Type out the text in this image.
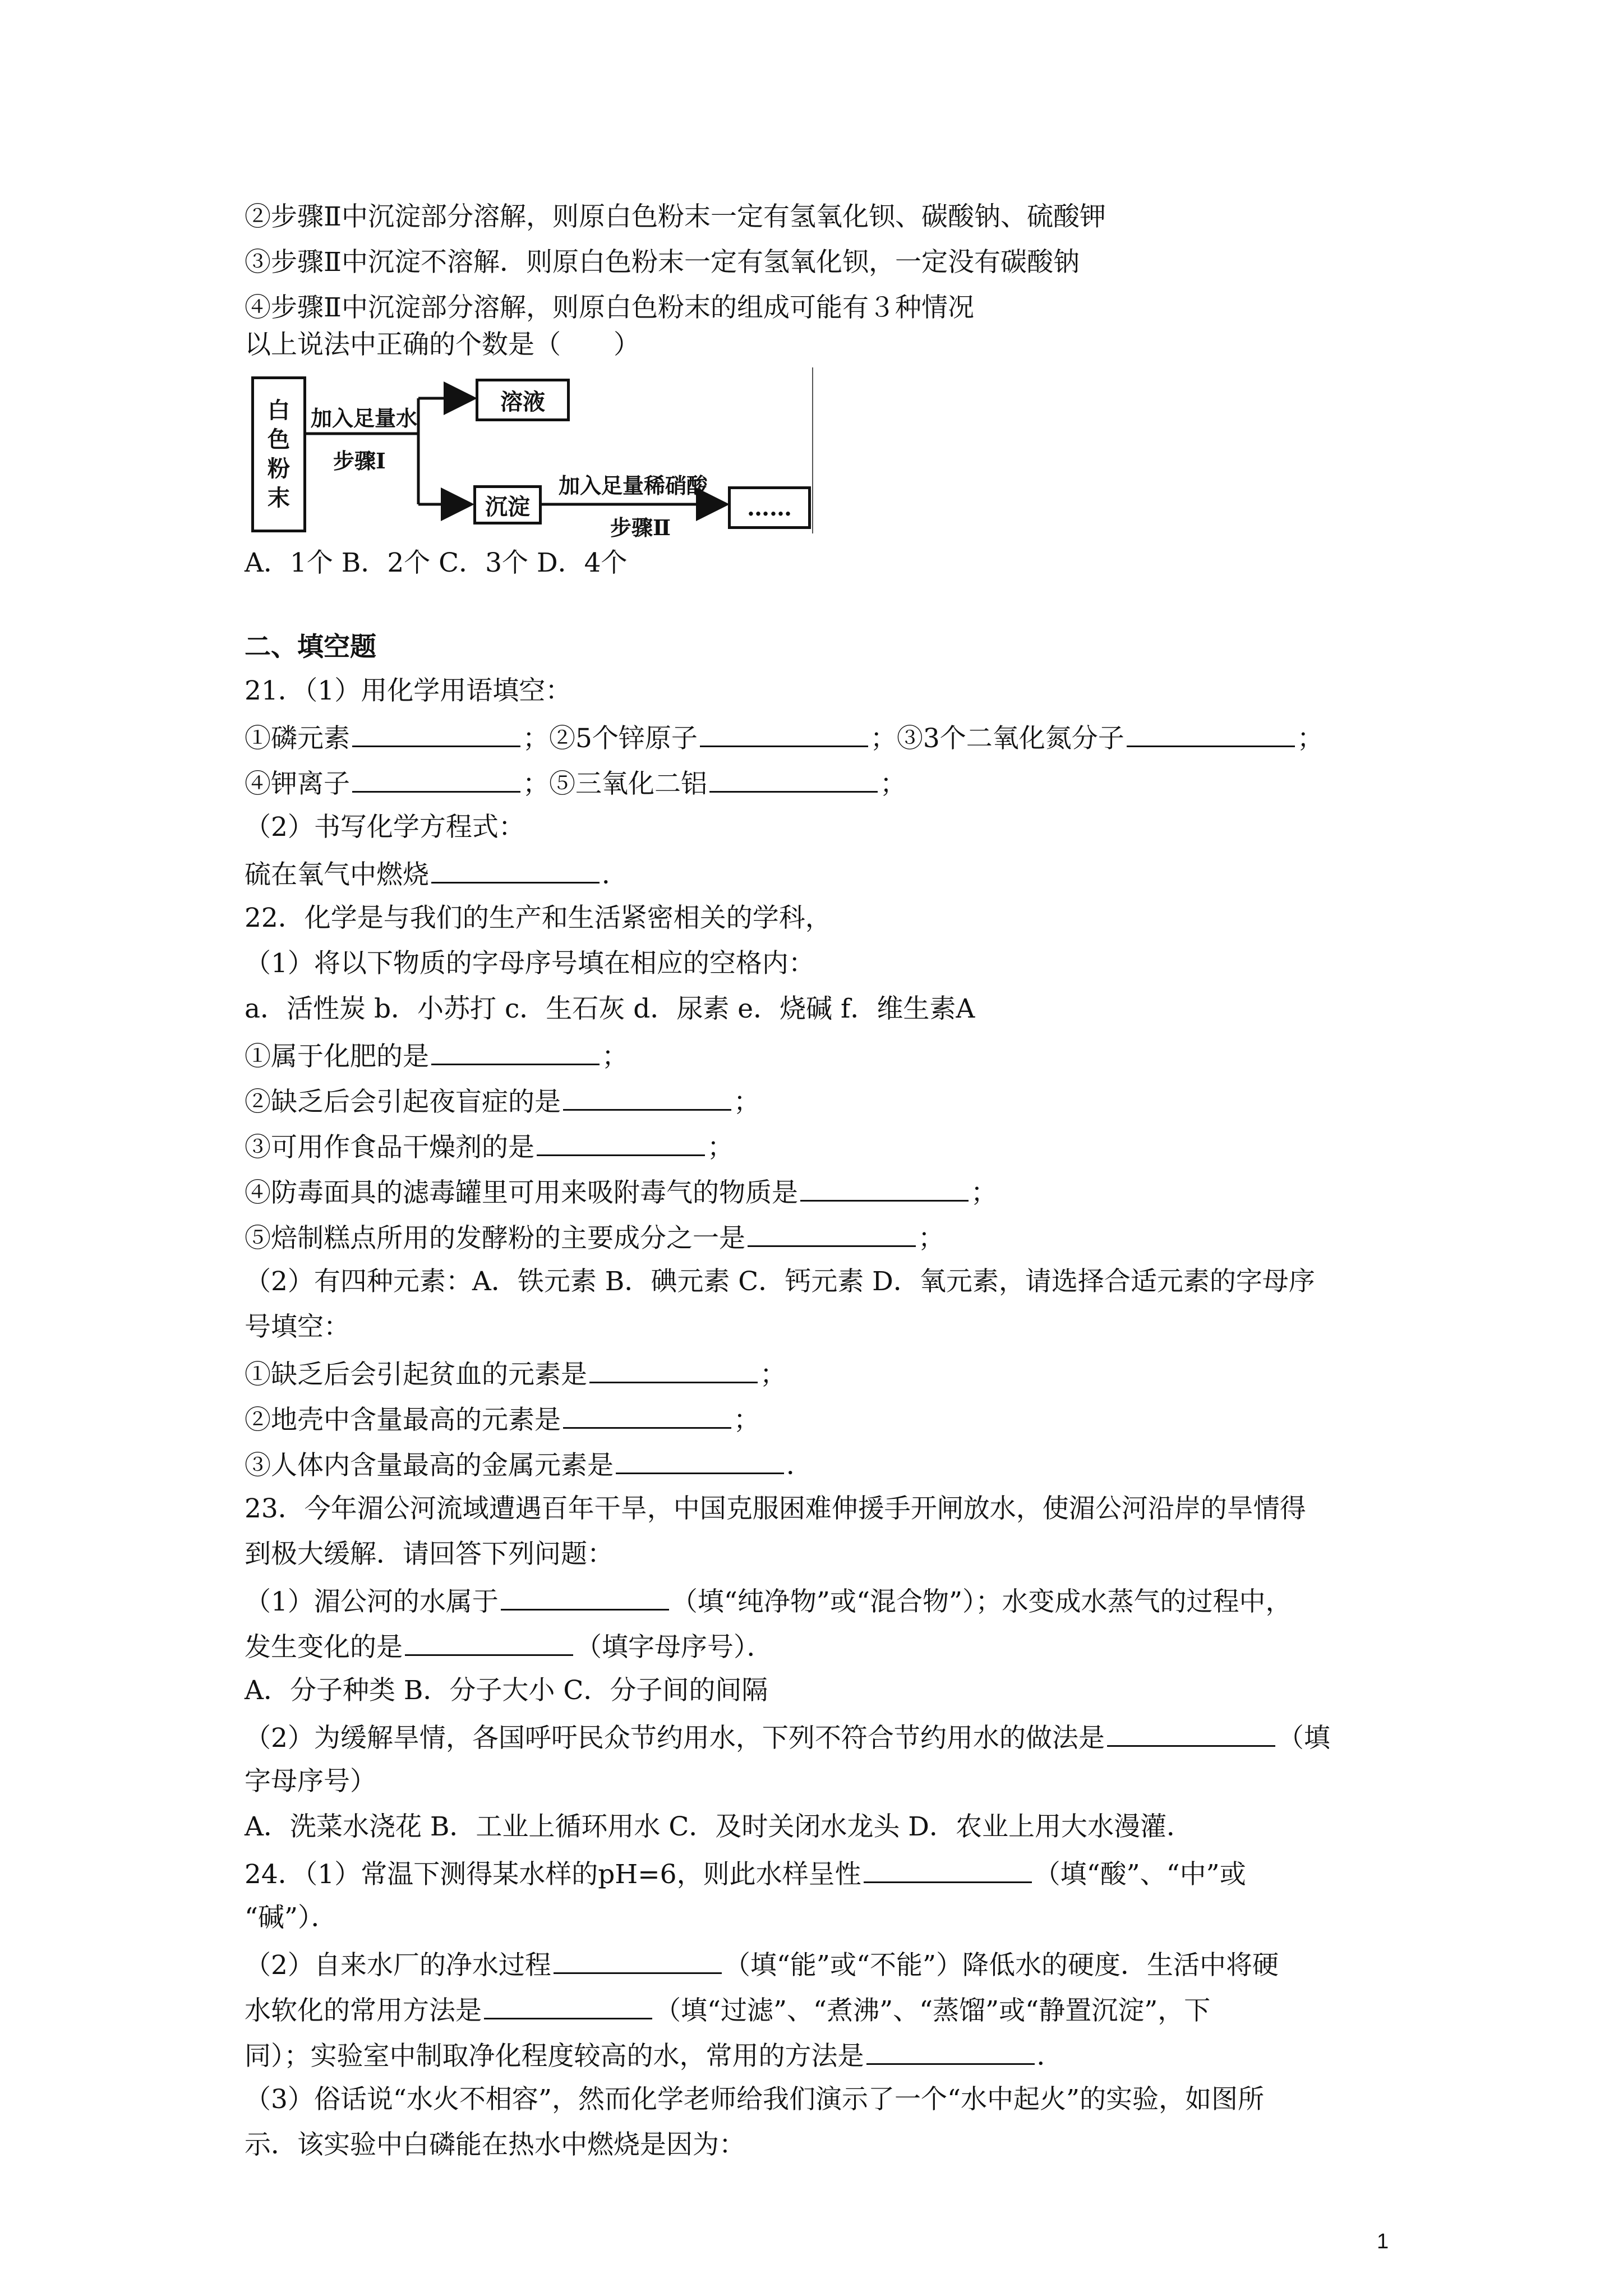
②步骤Ⅱ中沉淀部分溶解，则原白色粉末一定有氢氧化钡、碳酸钠、硫酸钾
③步骤Ⅱ中沉淀不溶解．则原白色粉末一定有氢氧化钡，一定没有碳酸钠
④步骤Ⅱ中沉淀部分溶解，则原白色粉末的组成可能有３种情况
以上说法中正确的个数是（　　）
白
色
粉
末
加入足量水
步骤Ⅰ
溶液
沉淀
加入足量稀硝酸
步骤Ⅱ
……
A．1个 B．2个 C．3个 D．4个
二、填空题
21．（1）用化学用语填空：
①磷元素	；②5个锌原子	；③3个二氧化氮分子	；
④钾离子	；⑤三氧化二铝	；
（2）书写化学方程式：
硫在氧气中燃烧	．
22．化学是与我们的生产和生活紧密相关的学科，
（1）将以下物质的字母序号填在相应的空格内：
a．活性炭 b．小苏打 c．生石灰 d．尿素 e．烧碱 f．维生素A
①属于化肥的是	；
②缺乏后会引起夜盲症的是	；
③可用作食品干燥剂的是	；
④防毒面具的滤毒罐里可用来吸附毒气的物质是	；
⑤焙制糕点所用的发酵粉的主要成分之一是	；
（2）有四种元素：A．铁元素 B．碘元素 C．钙元素 D．氧元素，请选择合适元素的字母序
号填空：
①缺乏后会引起贫血的元素是	；
②地壳中含量最高的元素是	；
③人体内含量最高的金属元素是	．
23．今年湄公河流域遭遇百年干旱，中国克服困难伸援手开闸放水，使湄公河沿岸的旱情得
到极大缓解．请回答下列问题：
（1）湄公河的水属于	（填“纯净物”或“混合物”）；水变成水蒸气的过程中，
发生变化的是	（填字母序号）．
A．分子种类 B．分子大小 C．分子间的间隔
（2）为缓解旱情，各国呼吁民众节约用水，下列不符合节约用水的做法是	（填
字母序号）
A．洗菜水浇花 B．工业上循环用水 C．及时关闭水龙头 D．农业上用大水漫灌．
24．（1）常温下测得某水样的pH=6，则此水样呈性	（填“酸”、“中”或
“碱”）．
（2）自来水厂的净水过程	（填“能”或“不能”）降低水的硬度．生活中将硬
水软化的常用方法是	（填“过滤”、“煮沸”、“蒸馏”或“静置沉淀”，下
同）；实验室中制取净化程度较高的水，常用的方法是	．
（3）俗话说“水火不相容”，然而化学老师给我们演示了一个“水中起火”的实验，如图所
示．该实验中白磷能在热水中燃烧是因为：
1
